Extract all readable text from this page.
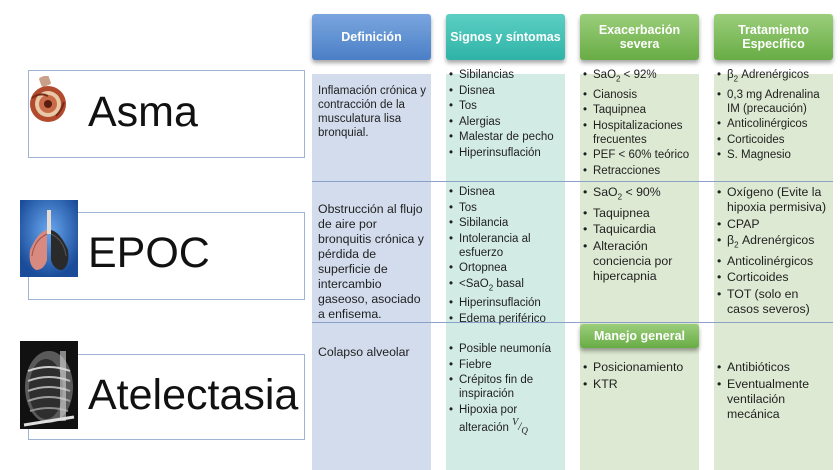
Definición	Signos y síntomas	Exacerbación severa
Tratamiento Específico
Asma
EPOC
Atelectasia

Inflamación crónica y contracción de la musculatura lisa bronquial.

• Sibilancias
• Disnea
• Tos
• Alergias
• Malestar de pecho
• Hiperinsuflación
• SaO$_2$ < 92%
• Cianosis
• Taquipnea
• Hospitalizaciones frecuentes
• PEF < 60% teórico
• Retracciones
• $\beta_2$ Adrenérgicos
• 0,3 mg Adrenalina IM (precaución)
• Anticolinérgicos
• Corticoides
• S. Magnesio

Obstrucción al flujo de aire por bronquitis crónica y pérdida de superficie de intercambio gaseoso, asociado a enfisema.

• Disnea
• Tos
• Sibilancia
• Intolerancia al esfuerzo
• Ortopnea
• <SaO$_2$ basal
• Hiperinsuflación
• Edema periférico
• SaO$_2$ < 90%
• Taquipnea
• Taquicardia
• Alteración conciencia por hipercapnia
• Oxígeno (Evite la hipoxia permisiva)
• CPAP
• $\beta_2$ Adrenérgicos
• Anticolinérgicos
• Corticoides
• TOT (solo en casos severos)

Colapso alveolar

•	Posible neumonía
• Fiebre
• Crépitos fin de inspiración
• Hipoxia por alteración $^V/_Q$
Manejo general
• Posicionamiento
• KTR
• Antibióticos
• Eventualmente ventilación mecánica
